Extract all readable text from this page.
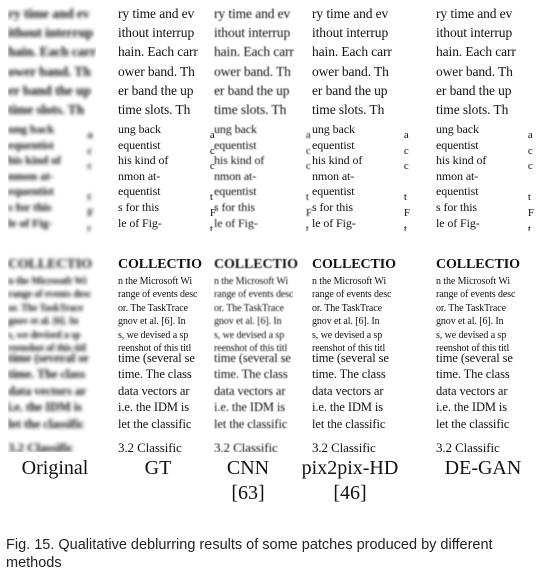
ry time and ev
ithout interrup
hain. Each carr
ower band. Th
er band the up
time slots. Th
ung back
equentist
his kind of
nmon at-
equentist
s for this
le of Fig-
a
c
c

t
F
t
COLLECTIO
n the Microsoft Wi
range of events desc
or. The TaskTrace
gnov et al. [6]. In
s, we devised a sp
reenshot of this titl
time (several se
time. The class
data vectors ar
i.e. the IDM is
let the classific
3.2 Classific
ry time and ev
ithout interrup
hain. Each carr
ower band. Th
er band the up
time slots. Th
ung back
equentist
his kind of
nmon at-
equentist
s for this
le of Fig-
a
c
c

t
F
t
COLLECTIO
n the Microsoft Wi
range of events desc
or. The TaskTrace
gnov et al. [6]. In
s, we devised a sp
reenshot of this titl
time (several se
time. The class
data vectors ar
i.e. the IDM is
let the classific
3.2 Classific
ry time and ev
ithout interrup
hain. Each carr
ower band. Th
er band the up
time slots. Th
ung back
equentist
his kind of
nmon at-
equentist
s for this
le of Fig-
a
c
c

t
F
t
COLLECTIO
n the Microsoft Wi
range of events desc
or. The TaskTrace
gnov et al. [6]. In
s, we devised a sp
reenshot of this titl
time (several se
time. The class
data vectors ar
i.e. the IDM is
let the classific
3.2 Classific
ry time and ev
ithout interrup
hain. Each carr
ower band. Th
er band the up
time slots. Th
ung back
equentist
his kind of
nmon at-
equentist
s for this
le of Fig-
a
c
c

t
F
t
COLLECTIO
n the Microsoft Wi
range of events desc
or. The TaskTrace
gnov et al. [6]. In
s, we devised a sp
reenshot of this titl
time (several se
time. The class
data vectors ar
i.e. the IDM is
let the classific
3.2 Classific
ry time and ev
ithout interrup
hain. Each carr
ower band. Th
er band the up
time slots. Th
ung back
equentist
his kind of
nmon at-
equentist
s for this
le of Fig-
a
c
c

t
F
t
COLLECTIO
n the Microsoft Wi
range of events desc
or. The TaskTrace
gnov et al. [6]. In
s, we devised a sp
reenshot of this titl
time (several se
time. The class
data vectors ar
i.e. the IDM is
let the classific
3.2 Classific
Original	GT	CNN
[63]
pix2pix-HD
[46]
DE-GAN
Fig. 15. Qualitative deblurring results of some patches produced by different methods
